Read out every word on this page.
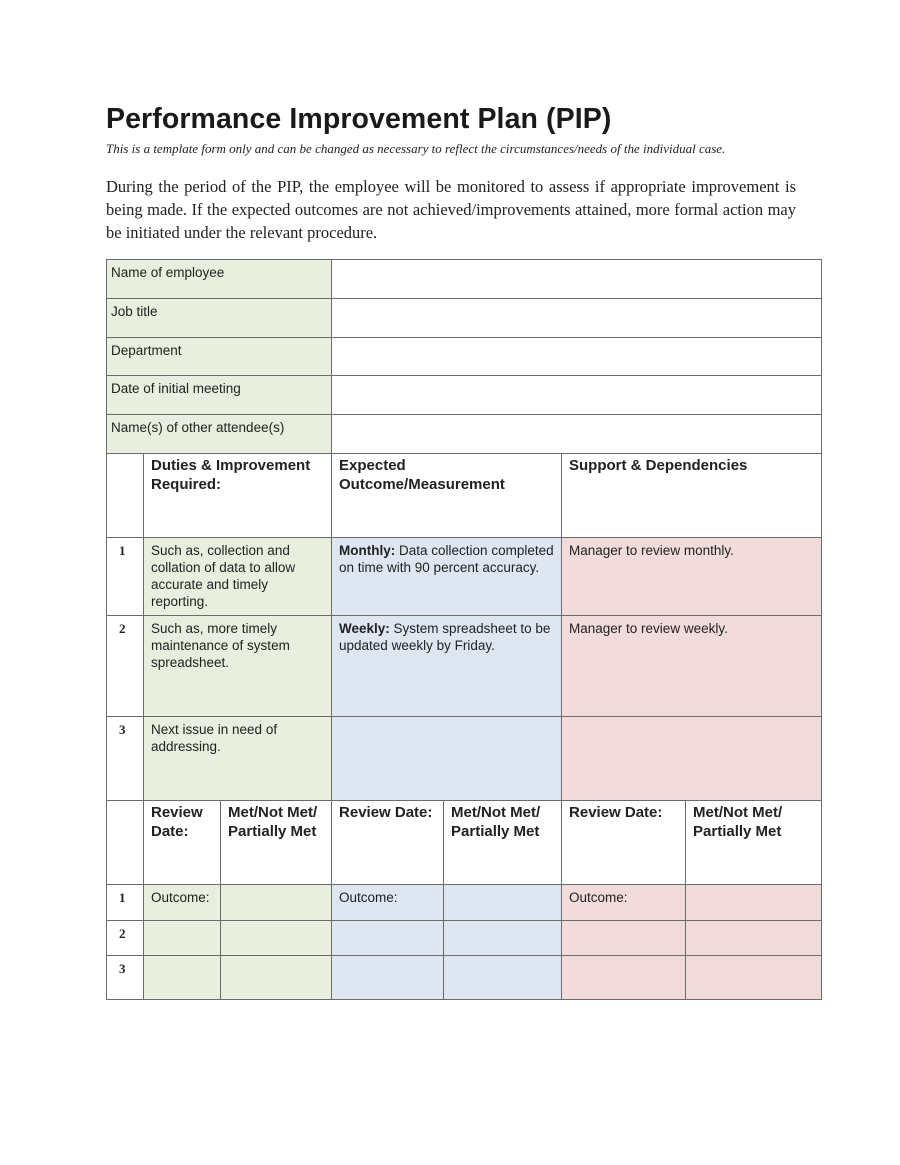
Performance Improvement Plan (PIP)
This is a template form only and can be changed as necessary to reflect the circumstances/needs of the individual case.
During the period of the PIP, the employee will be monitored to assess if appropriate improvement is being made. If the expected outcomes are not achieved/improvements attained, more formal action may be initiated under the relevant procedure.
Name of employee						
Job title						
Department						
Date of initial meeting						
Name(s) of other attendee(s)						
	Duties & Improvement Required:		Expected Outcome/Measurement		Support & Dependencies	
1	Such as, collection and collation of data to allow accurate and timely reporting.		Monthly: Data collection completed on time with 90 percent accuracy.		Manager to review monthly.	
2	Such as, more timely maintenance of system spreadsheet.		Weekly: System spreadsheet to be updated weekly by Friday.		Manager to review weekly.	
3	Next issue in need of addressing.					
	Review Date:	Met/Not Met/ Partially Met	Review Date:	Met/Not Met/ Partially Met	Review Date:	Met/Not Met/ Partially Met
1	Outcome:		Outcome:		Outcome:	
2						
3						
